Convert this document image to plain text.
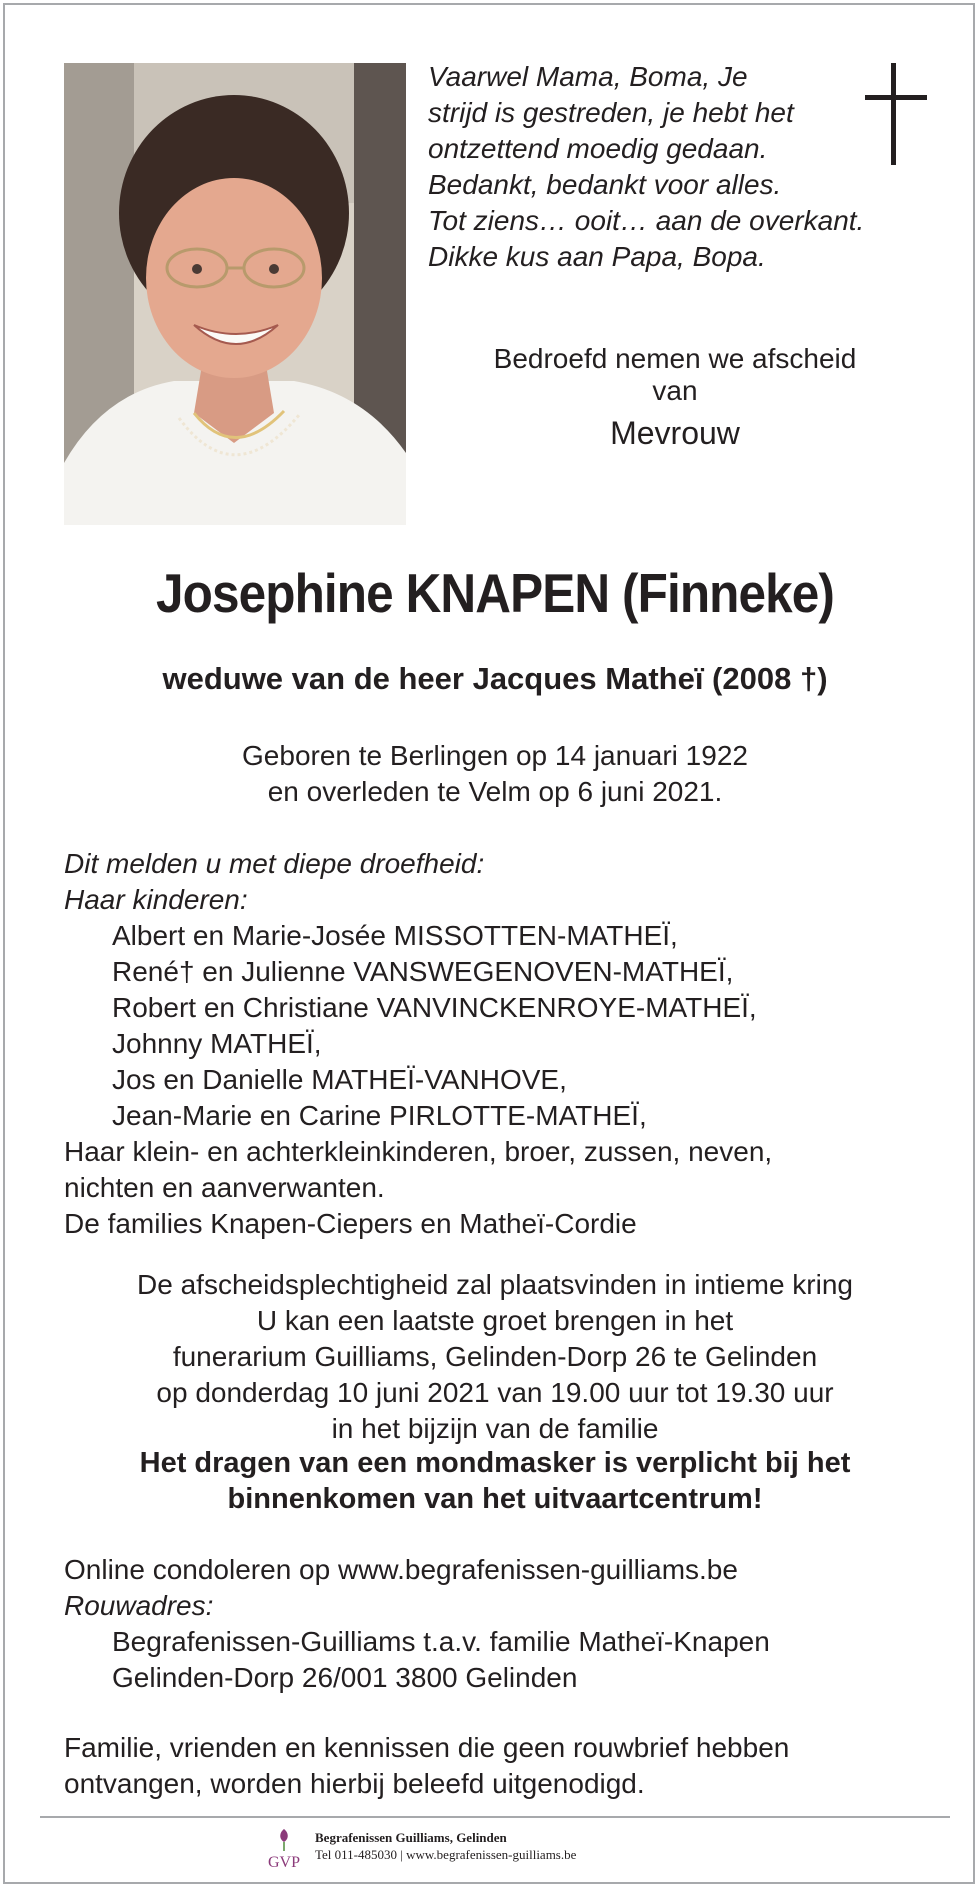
Vaarwel Mama, Boma, Je
strijd is gestreden, je hebt het
ontzettend moedig gedaan.
Bedankt, bedankt voor alles.
Tot ziens… ooit… aan de overkant.
Dikke kus aan Papa, Bopa.
Bedroefd nemen we afscheid van
Mevrouw
Josephine KNAPEN (Finneke)
weduwe van de heer Jacques Matheï (2008 †)
Geboren te Berlingen op 14 januari 1922
en overleden te Velm op 6 juni 2021.
Dit melden u met diepe droefheid:
Haar kinderen:
Albert en Marie-Josée MISSOTTEN-MATHEÏ,
René† en Julienne VANSWEGENOVEN-MATHEÏ,
Robert en Christiane VANVINCKENROYE-MATHEÏ,
Johnny MATHEÏ,
Jos en Danielle MATHEÏ-VANHOVE,
Jean-Marie en Carine PIRLOTTE-MATHEÏ,
Haar klein- en achterkleinkinderen, broer, zussen, neven,
nichten en aanverwanten.
De families Knapen-Ciepers en Matheï-Cordie
De afscheidsplechtigheid zal plaatsvinden in intieme kring
U kan een laatste groet brengen in het
funerarium Guilliams, Gelinden-Dorp 26 te Gelinden
op donderdag 10 juni 2021 van 19.00 uur tot 19.30 uur
in het bijzijn van de familie
Het dragen van een mondmasker is verplicht bij het
binnenkomen van het uitvaartcentrum!
Online condoleren op www.begrafenissen-guilliams.be
Rouwadres:
Begrafenissen-Guilliams t.a.v. familie Matheï-Knapen
Gelinden-Dorp 26/001 3800 Gelinden
Familie, vrienden en kennissen die geen rouwbrief hebben
ontvangen, worden hierbij beleefd uitgenodigd.
GVP
Begrafenissen Guilliams, Gelinden
Tel 011-485030 | www.begrafenissen-guilliams.be
